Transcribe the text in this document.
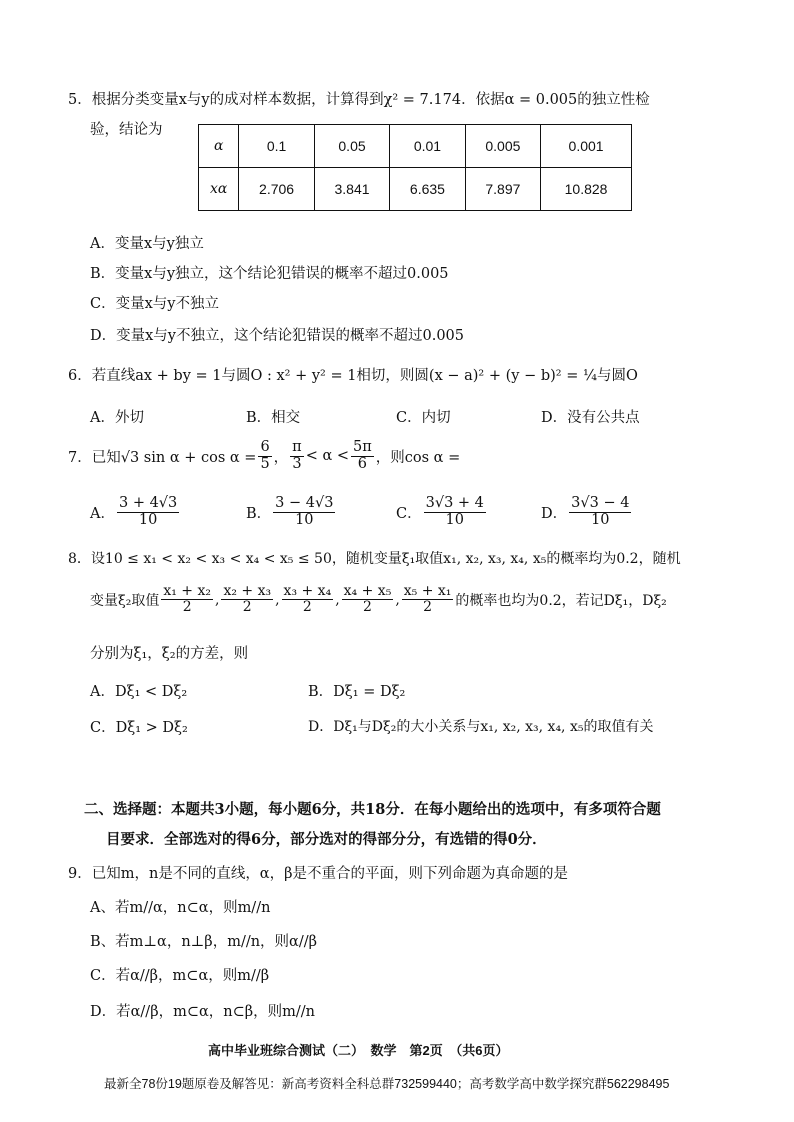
5．根据分类变量x与y的成对样本数据，计算得到χ² = 7.174．依据α = 0.005的独立性检
验，结论为
α	0.1	0.05	0.01	0.005	0.001
xα	2.706	3.841	6.635	7.897	10.828
A．变量x与y独立
B．变量x与y独立，这个结论犯错误的概率不超过0.005
C．变量x与y不独立
D．变量x与y不独立，这个结论犯错误的概率不超过0.005
6．若直线ax + by = 1与圆O : x² + y² = 1相切，则圆(x − a)² + (y − b)² = ¼与圆O
A．外切	B．相交	C．内切	D．没有公共点
7．已知√3 $\sin \alpha + \cos \alpha = \frac{6}{5}$ ， $\frac{\pi}{3} < \alpha < \frac{5\pi}{6}$ ，则cos α =
A． $\frac{3 + 4√3}{10}$	B． $\frac{3 - 4√3}{10}$	C． $\frac{3√3 + 4}{10}$	D． $\frac{3√3 - 4}{10}$
8．设10 ≤ x₁ < x₂ < x₃ < x₄ < x₅ ≤ 50，随机变量ξ₁取值x₁, x₂, x₃, x₄, x₅的概率均为0.2，随机
变量ξ₂取值 $\frac{\text{x₁ + x₂}}{2}$ , $\frac{\text{x₂ + x₃}}{2}$ , $\frac{\text{x₃ + x₄}}{2}$ , $\frac{\text{x₄ + x₅}}{2}$ , $\frac{\text{x₅ + x₁}}{2}$ 的概率也均为0.2，若记Dξ₁，Dξ₂
分别为ξ₁，ξ₂的方差，则
A．Dξ₁ < Dξ₂	B．Dξ₁ = Dξ₂
C．Dξ₁ > Dξ₂	D．Dξ₁与Dξ₂的大小关系与x₁, x₂, x₃, x₄, x₅的取值有关
二、选择题：本题共3小题，每小题6分，共18分．在每小题给出的选项中，有多项符合题
目要求．全部选对的得6分，部分选对的得部分分，有选错的得0分．
9．已知m，n是不同的直线，α，β是不重合的平面，则下列命题为真命题的是
A、若m//α，n⊂α，则m//n
B、若m⊥α，n⊥β，m//n，则α//β
C．若α//β，m⊂α，则m//β
D．若α//β，m⊂α，n⊂β，则m//n
高中毕业班综合测试（二）　数学　第2页　（共6页）
最新全78份19题原卷及解答见：新高考资料全科总群732599440；高考数学高中数学探究群562298495
